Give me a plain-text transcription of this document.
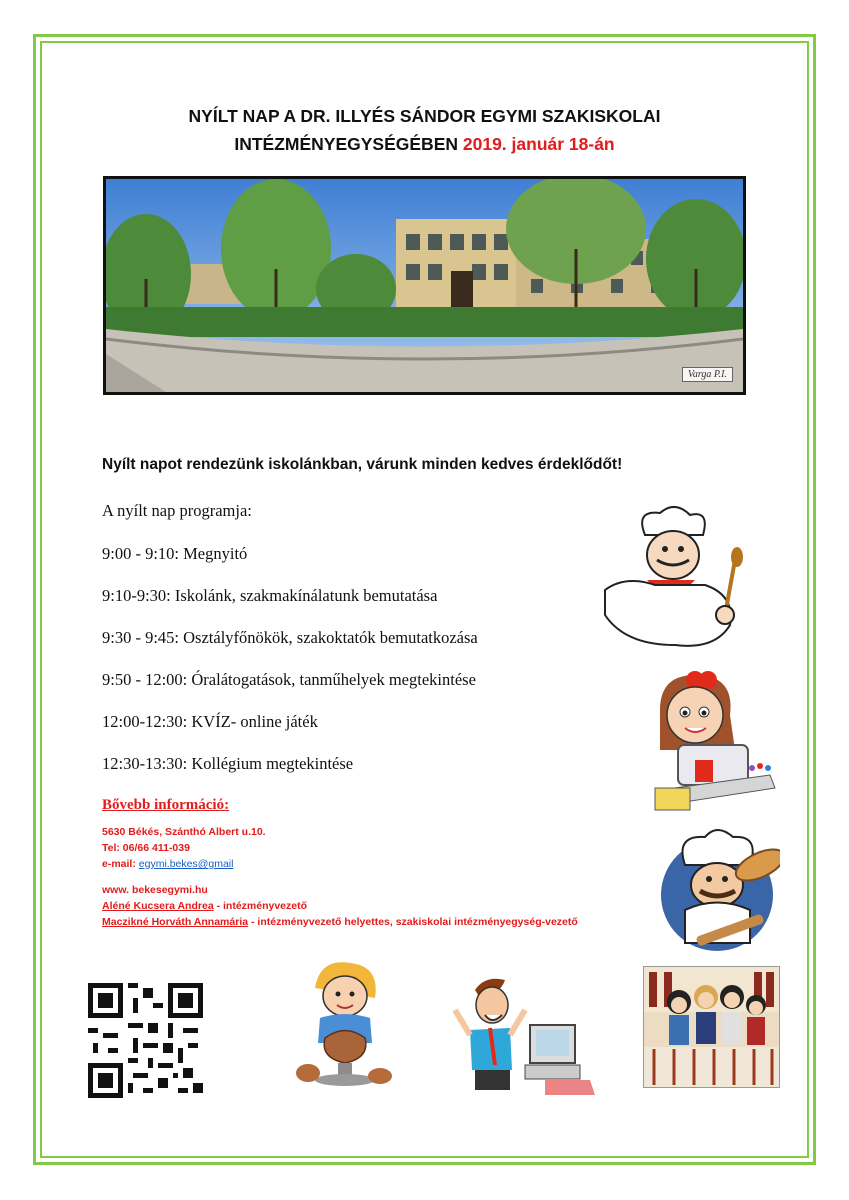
NYÍLT NAP A DR. ILLYÉS SÁNDOR EGYMI SZAKISKOLAI
INTÉZMÉNYEGYSÉGÉBEN 2019. január 18-án
Varga P.I.
Nyílt napot rendezünk iskolánkban, várunk minden kedves érdeklődőt!
A nyílt nap programja:
9:00 - 9:10: Megnyitó
9:10-9:30: Iskolánk, szakmakínálatunk bemutatása
9:30 - 9:45: Osztályfőnökök, szakoktatók bemutatkozása
9:50 - 12:00: Óralátogatások, tanműhelyek megtekintése
12:00-12:30: KVÍZ- online játék
12:30-13:30: Kollégium megtekintése
Bővebb információ:
5630 Békés, Szánthó Albert u.10.
Tel: 06/66 411-039
e-mail: egymi.bekes@gmail
www. bekesegymi.hu
Aléné Kucsera Andrea - intézményvezető
Maczikné Horváth Annamária - intézményvezető helyettes, szakiskolai intézményegység-vezető
